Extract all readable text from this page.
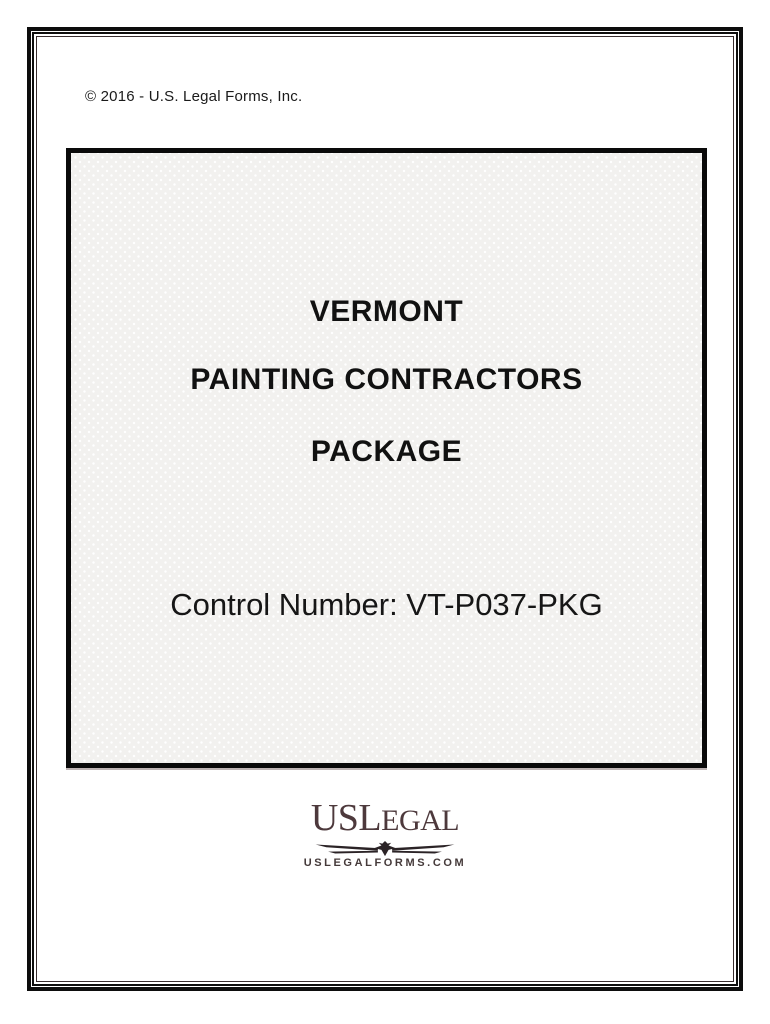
© 2016 - U.S. Legal Forms, Inc.
VERMONT
PAINTING CONTRACTORS
PACKAGE
Control Number: VT-P037-PKG
USLEGAL
USLEGALFORMS.COM
